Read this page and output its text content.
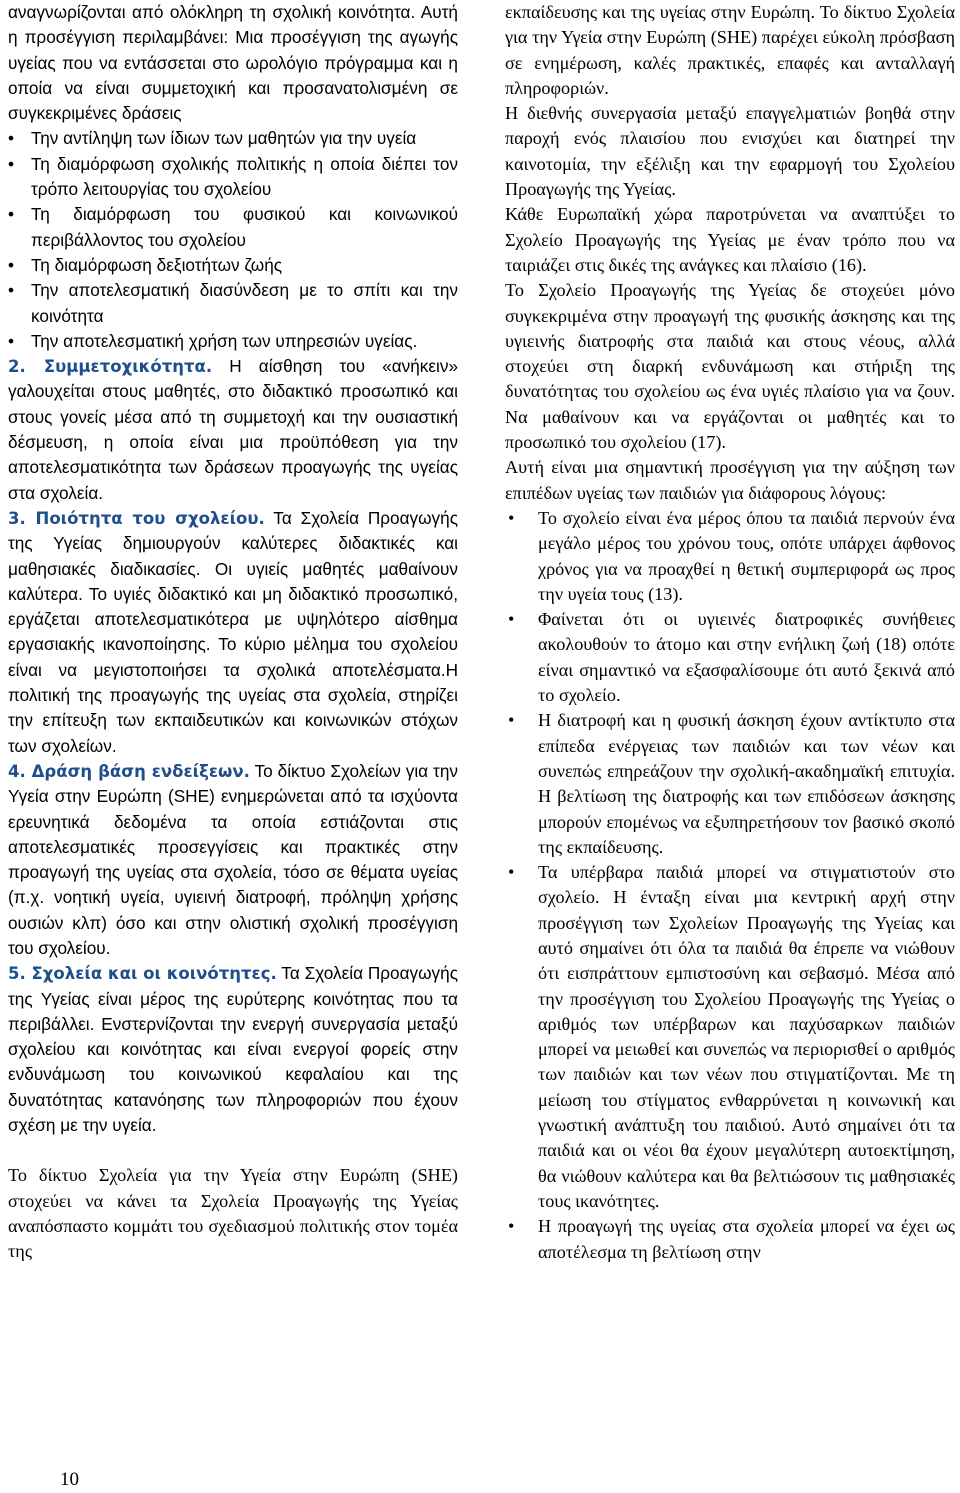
αναγνωρίζονται από ολόκληρη τη σχολική κοινότητα. Αυτή η προσέγγιση περιλαμβάνει: Μια προσέγγιση της αγωγής υγείας που να εντάσσεται στο ωρολόγιο πρόγραμμα και η οποία να είναι συμμετοχική και προσανατολισμένη σε συγκεκριμένες δράσεις

• Την αντίληψη των ίδιων των μαθητών για την υγεία
• Τη διαμόρφωση σχολικής πολιτικής η οποία διέπει τον τρόπο λειτουργίας του σχολείου
• Τη διαμόρφωση του φυσικού και κοινωνικού περιβάλλοντος του σχολείου
• Τη διαμόρφωση δεξιοτήτων ζωής
• Την αποτελεσματική διασύνδεση με το σπίτι και την κοινότητα
• Την αποτελεσματική χρήση των υπηρεσιών υγείας.

2. Συμμετοχικότητα. Η αίσθηση του «ανήκειν» γαλουχείται στους μαθητές, στο διδακτικό προσωπικό και στους γονείς μέσα από τη συμμετοχή και την ουσιαστική δέσμευση, η οποία είναι μια προϋπόθεση για την αποτελεσματικότητα των δράσεων προαγωγής της υγείας στα σχολεία.

3. Ποιότητα του σχολείου. Τα Σχολεία Προαγωγής της Υγείας δημιουργούν καλύτερες διδακτικές και μαθησιακές διαδικασίες. Οι υγιείς μαθητές μαθαίνουν καλύτερα. Το υγιές διδακτικό και μη διδακτικό προσωπικό, εργάζεται αποτελεσματικότερα με υψηλότερο αίσθημα εργασιακής ικανοποίησης. Το κύριο μέλημα του σχολείου είναι να μεγιστοποιήσει τα σχολικά αποτελέσματα.Η πολιτική της προαγωγής της υγείας στα σχολεία, στηρίζει την επίτευξη των εκπαιδευτικών και κοινωνικών στόχων των σχολείων.

4. Δράση βάση ενδείξεων. Το δίκτυο Σχολείων για την Υγεία στην Ευρώπη (SHE) ενημερώνεται από τα ισχύοντα ερευνητικά δεδομένα τα οποία εστιάζονται στις αποτελεσματικές προσεγγίσεις και πρακτικές στην προαγωγή της υγείας στα σχολεία, τόσο σε θέματα υγείας (π.χ. νοητική υγεία, υγιεινή διατροφή, πρόληψη χρήσης ουσιών κλπ) όσο και στην ολιστική σχολική προσέγγιση του σχολείου.

5. Σχολεία και οι κοινότητες. Τα Σχολεία Προαγωγής της Υγείας είναι μέρος της ευρύτερης κοινότητας που τα περιβάλλει. Ενστερνίζονται την ενεργή συνεργασία μεταξύ σχολείου και κοινότητας και είναι ενεργοί φορείς στην ενδυνάμωση του κοινωνικού κεφαλαίου και της δυνατότητας κατανόησης των πληροφοριών που έχουν σχέση με την υγεία.

Το δίκτυο Σχολεία για την Υγεία στην Ευρώπη (SHE) στοχεύει να κάνει τα Σχολεία Προαγωγής της Υγείας αναπόσπαστο κομμάτι του σχεδιασμού πολιτικής στον τομέα της

εκπαίδευσης και της υγείας στην Ευρώπη. Το δίκτυο Σχολεία για την Υγεία στην Ευρώπη (SHE) παρέχει εύκολη πρόσβαση σε ενημέρωση, καλές πρακτικές, επαφές και ανταλλαγή πληροφοριών.

Η διεθνής συνεργασία μεταξύ επαγγελματιών βοηθά στην παροχή ενός πλαισίου που ενισχύει και διατηρεί την καινοτομία, την εξέλιξη και την εφαρμογή του Σχολείου Προαγωγής της Υγείας.

Κάθε Ευρωπαϊκή χώρα παροτρύνεται να αναπτύξει το Σχολείο Προαγωγής της Υγείας με έναν τρόπο που να ταιριάζει στις δικές της ανάγκες και πλαίσιο (16).

Το Σχολείο Προαγωγής της Υγείας δε στοχεύει μόνο συγκεκριμένα στην προαγωγή της φυσικής άσκησης και της υγιεινής διατροφής στα παιδιά και στους νέους, αλλά στοχεύει στη διαρκή ενδυνάμωση και στήριξη της δυνατότητας του σχολείου ως ένα υγιές πλαίσιο για να ζουν. Να μαθαίνουν και να εργάζονται οι μαθητές και το προσωπικό του σχολείου (17).

Αυτή είναι μια σημαντική προσέγγιση για την αύξηση των επιπέδων υγείας των παιδιών για διάφορους λόγους:

• Το σχολείο είναι ένα μέρος όπου τα παιδιά περνούν ένα μεγάλο μέρος του χρόνου τους, οπότε υπάρχει άφθονος χρόνος για να προαχθεί η θετική συμπεριφορά ως προς την υγεία τους (13).
• Φαίνεται ότι οι υγιεινές διατροφικές συνήθειες ακολουθούν το άτομο και στην ενήλικη ζωή (18) οπότε είναι σημαντικό να εξασφαλίσουμε ότι αυτό ξεκινά από το σχολείο.
• Η διατροφή και η φυσική άσκηση έχουν αντίκτυπο στα επίπεδα ενέργειας των παιδιών και των νέων και συνεπώς επηρεάζουν την σχολική-ακαδημαϊκή επιτυχία. Η βελτίωση της διατροφής και των επιδόσεων άσκησης μπορούν επομένως να εξυπηρετήσουν τον βασικό σκοπό της εκπαίδευσης.
• Τα υπέρβαρα παιδιά μπορεί να στιγματιστούν στο σχολείο. Η ένταξη είναι μια κεντρική αρχή στην προσέγγιση των Σχολείων Προαγωγής της Υγείας και αυτό σημαίνει ότι όλα τα παιδιά θα έπρεπε να νιώθουν ότι εισπράττουν εμπιστοσύνη και σεβασμό. Μέσα από την προσέγγιση του Σχολείου Προαγωγής της Υγείας ο αριθμός των υπέρβαρων και παχύσαρκων παιδιών μπορεί να μειωθεί και συνεπώς να περιορισθεί ο αριθμός των παιδιών και των νέων που στιγματίζονται. Με τη μείωση του στίγματος ενθαρρύνεται η κοινωνική και γνωστική ανάπτυξη του παιδιού. Αυτό σημαίνει ότι τα παιδιά και οι νέοι θα έχουν μεγαλύτερη αυτοεκτίμηση, θα νιώθουν καλύτερα και θα βελτιώσουν τις μαθησιακές τους ικανότητες.
• Η προαγωγή της υγείας στα σχολεία μπορεί να έχει ως αποτέλεσμα τη βελτίωση στην
10
